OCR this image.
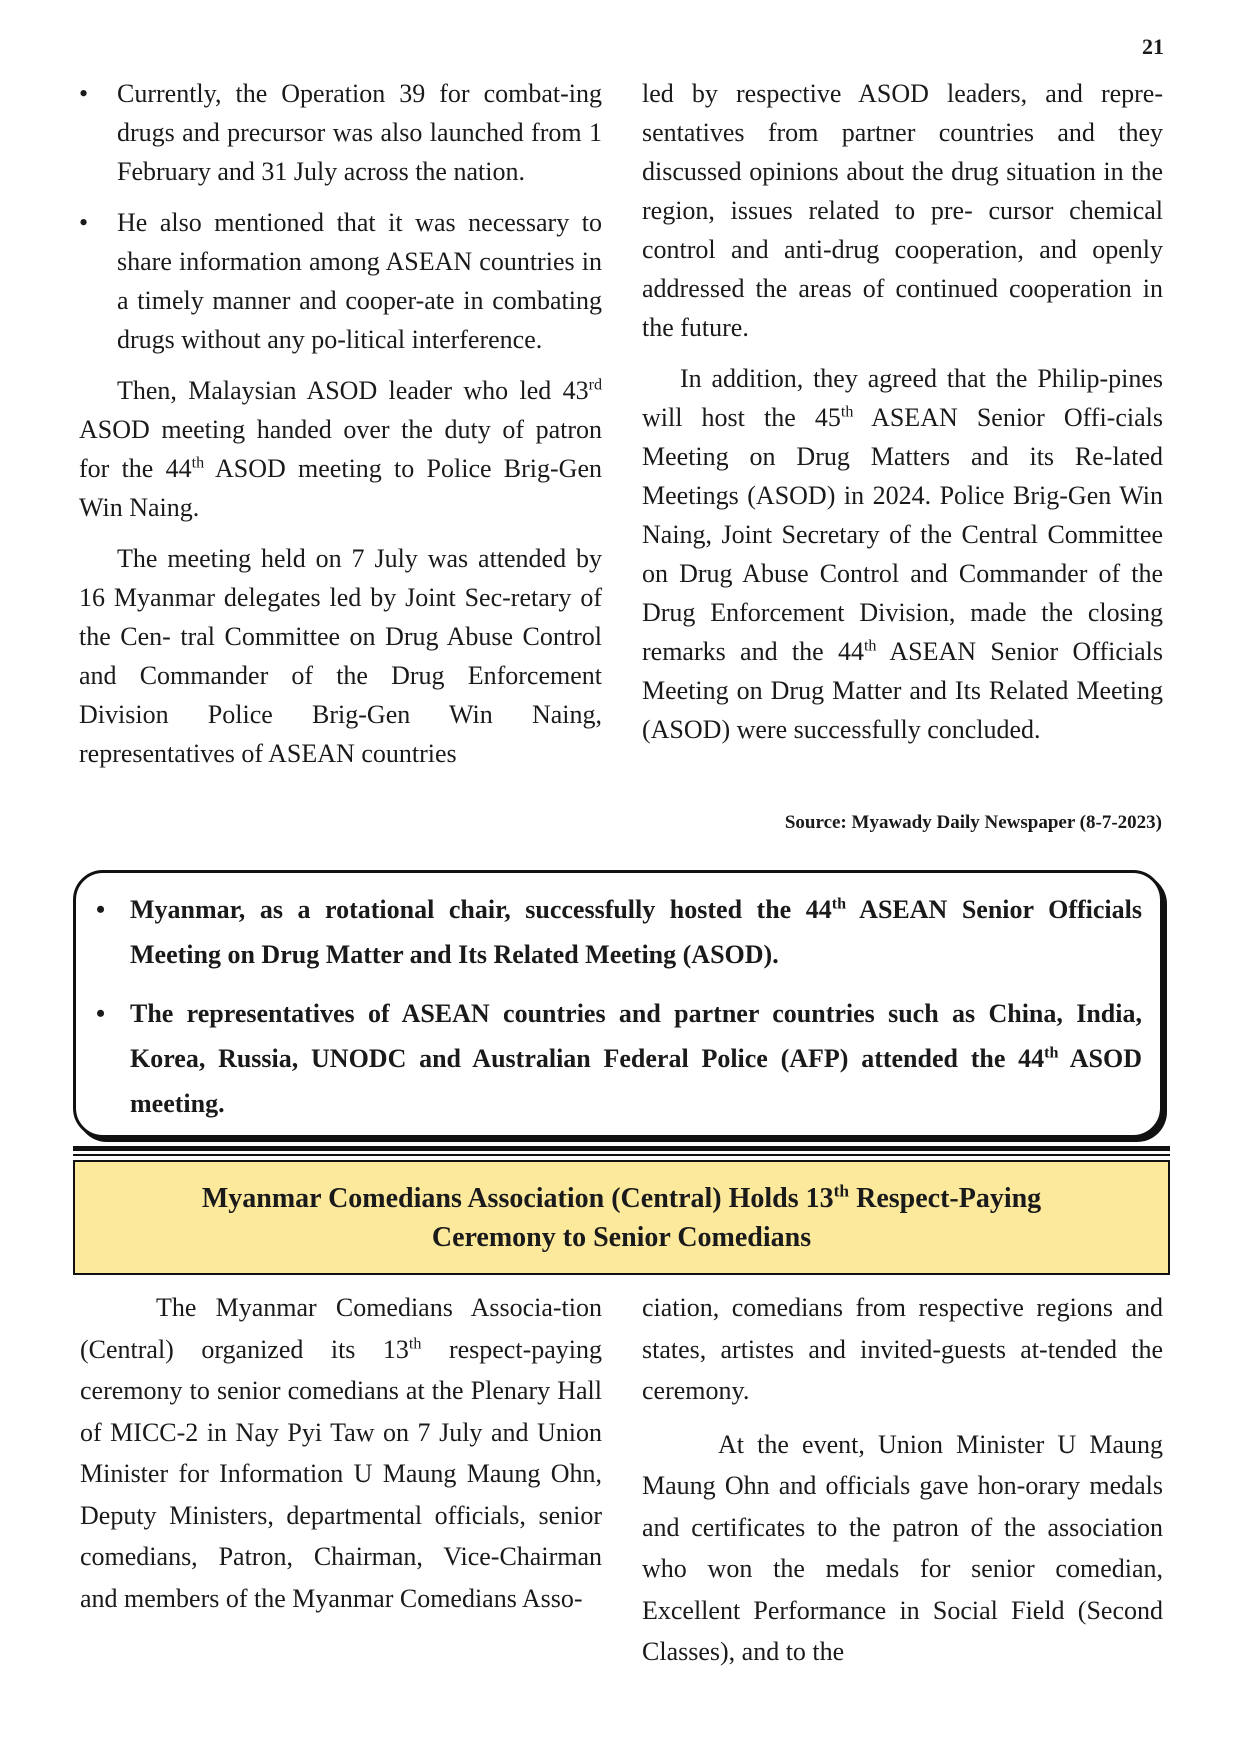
21
• Currently, the Operation 39 for combat-ing drugs and precursor was also launched from 1 February and 31 July across the nation.
• He also mentioned that it was necessary to share information among ASEAN countries in a timely manner and cooper-ate in combating drugs without any po-litical interference.

Then, Malaysian ASOD leader who led 43rd ASOD meeting handed over the duty of patron for the 44th ASOD meeting to Police Brig-Gen Win Naing.

The meeting held on 7 July was attended by 16 Myanmar delegates led by Joint Sec-retary of the Cen- tral Committee on Drug Abuse Control and Commander of the Drug Enforcement Division Police Brig-Gen Win Naing, representatives of ASEAN countries

led by respective ASOD leaders, and repre-sentatives from partner countries and they discussed opinions about the drug situation in the region, issues related to pre- cursor chemical control and anti-drug cooperation, and openly addressed the areas of continued cooperation in the future.

In addition, they agreed that the Philip-pines will host the 45th ASEAN Senior Offi-cials Meeting on Drug Matters and its Re-lated Meetings (ASOD) in 2024. Police Brig-Gen Win Naing, Joint Secretary of the Central Committee on Drug Abuse Control and Commander of the Drug Enforcement Division, made the closing remarks and the 44th ASEAN Senior Officials Meeting on Drug Matter and Its Related Meeting (ASOD) were successfully concluded.

Source: Myawady Daily Newspaper (8-7-2023)
• Myanmar, as a rotational chair, successfully hosted the 44th ASEAN Senior Officials Meeting on Drug Matter and Its Related Meeting (ASOD).
• The representatives of ASEAN countries and partner countries such as China, India, Korea, Russia, UNODC and Australian Federal Police (AFP) attended the 44th ASOD meeting.
Myanmar Comedians Association (Central) Holds 13th Respect-Paying
Ceremony to Senior Comedians

The Myanmar Comedians Associa-tion (Central) organized its 13th respect-paying ceremony to senior comedians at the Plenary Hall of MICC-2 in Nay Pyi Taw on 7 July and Union Minister for Information U Maung Maung Ohn, Deputy Ministers, departmental officials, senior comedians, Patron, Chairman, Vice-Chairman and members of the Myanmar Comedians Asso-

ciation, comedians from respective regions and states, artistes and invited-guests at-tended the ceremony.

At the event, Union Minister U Maung Maung Ohn and officials gave hon-orary medals and certificates to the patron of the association who won the medals for senior comedian, Excellent Performance in Social Field (Second Classes), and to the
